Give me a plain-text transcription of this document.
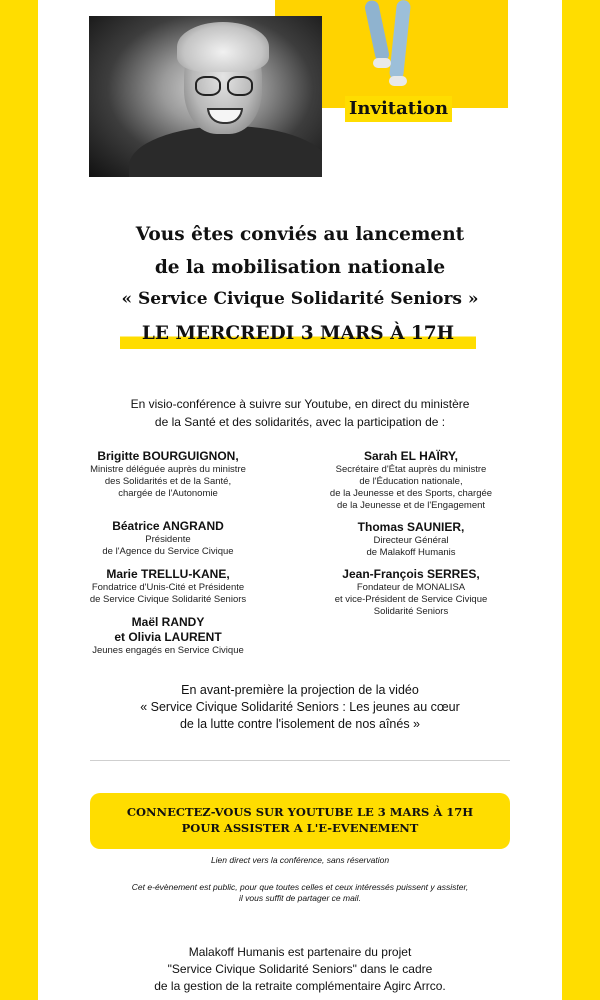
Invitation
Vous êtes conviés au lancement
de la mobilisation nationale
« Service Civique Solidarité Seniors »
LE MERCREDI 3 MARS À 17H
En visio-conférence à suivre sur Youtube, en direct du ministère
de la Santé et des solidarités, avec la participation de :
Brigitte BOURGUIGNON,
Ministre déléguée auprès du ministre
des Solidarités et de la Santé,
chargée de l'Autonomie
Sarah EL HAÏRY,
Secrétaire d'État auprès du ministre
de l'Éducation nationale,
de la Jeunesse et des Sports, chargée
de la Jeunesse et de l'Engagement
Béatrice ANGRAND
Présidente
de l'Agence du Service Civique
Thomas SAUNIER,
Directeur Général
de Malakoff Humanis
Marie TRELLU-KANE,
Fondatrice d'Unis-Cité et Présidente
de Service Civique Solidarité Seniors
Jean-François SERRES,
Fondateur de MONALISA
et vice-Président de Service Civique
Solidarité Seniors
Maël RANDY
et Olivia LAURENT
Jeunes engagés en Service Civique
En avant-première la projection de la vidéo
« Service Civique Solidarité Seniors : Les jeunes au cœur
de la lutte contre l'isolement de nos aînés »
CONNECTEZ-VOUS SUR YOUTUBE LE 3 MARS À 17H
POUR ASSISTER A L'E-EVENEMENT
Lien direct vers la conférence, sans réservation
Cet e-évènement est public, pour que toutes celles et ceux intéressés puissent y assister,
il vous suffit de partager ce mail.
Malakoff Humanis est partenaire du projet
"Service Civique Solidarité Seniors" dans le cadre
de la gestion de la retraite complémentaire Agirc Arrco.
